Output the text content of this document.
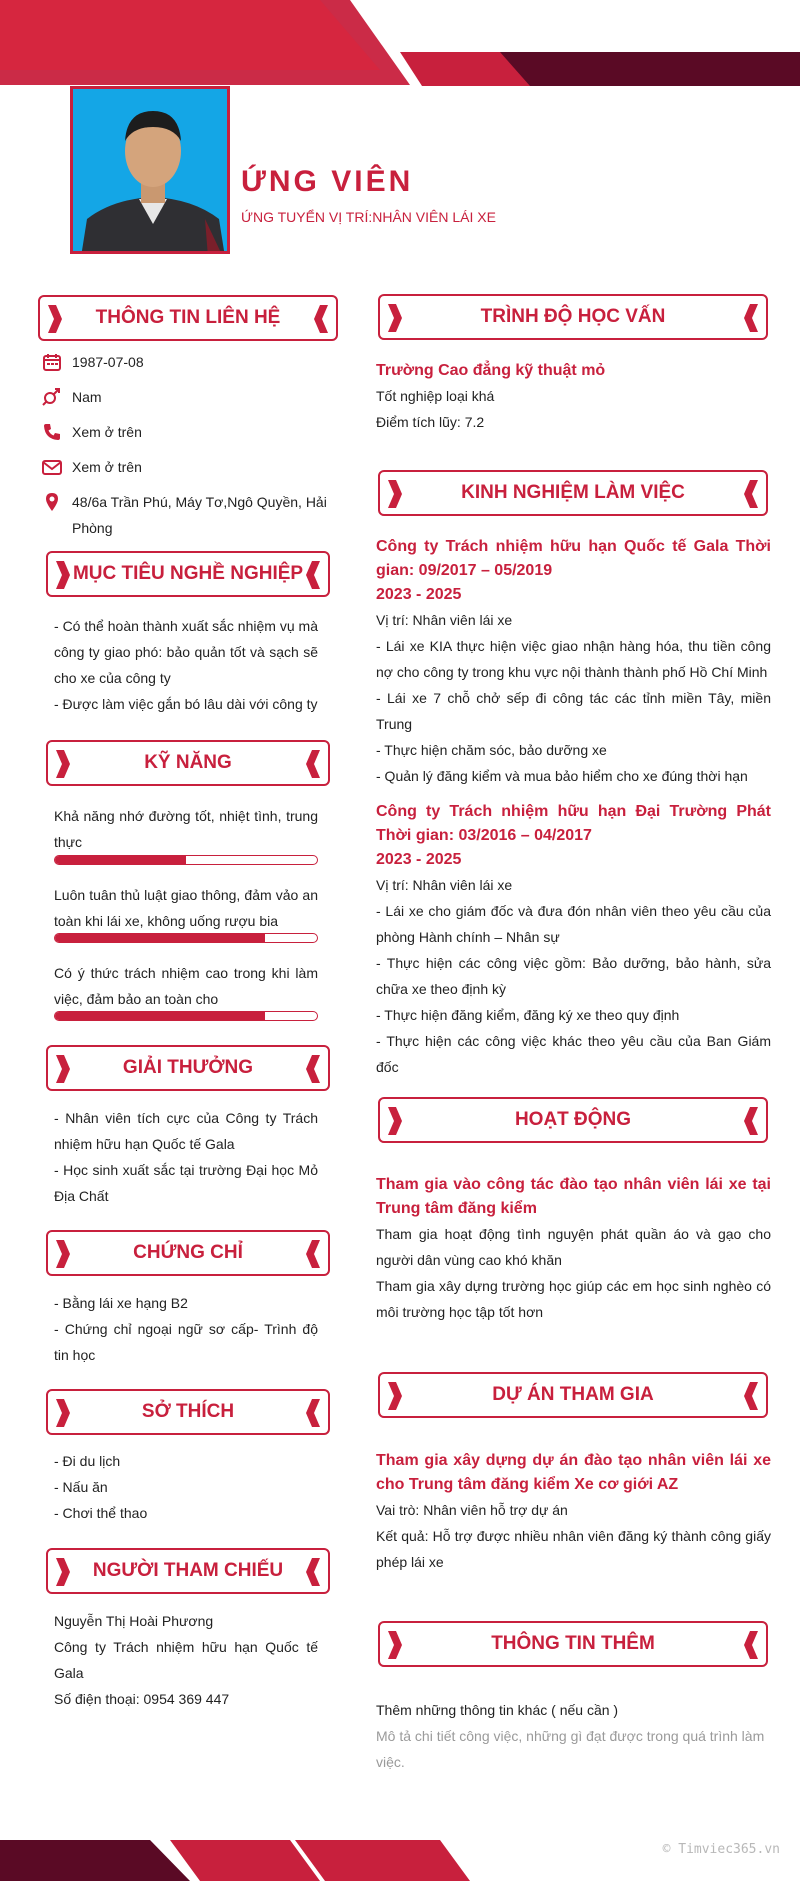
ỨNG VIÊN
ỨNG TUYỂN VỊ TRÍ:NHÂN VIÊN LÁI XE
THÔNG TIN LIÊN HỆ
1987-07-08
Nam
Xem ở trên
Xem ở trên
48/6a Trần Phú, Máy Tơ,Ngô Quyền, Hải Phòng
MỤC TIÊU NGHỀ NGHIỆP
- Có thể hoàn thành xuất sắc nhiệm vụ mà công ty giao phó: bảo quản tốt và sạch sẽ cho xe của công ty
- Được làm việc gắn bó lâu dài với công ty
KỸ NĂNG
Khả năng nhớ đường tốt, nhiệt tình, trung thực
Luôn tuân thủ luật giao thông, đảm vảo an toàn khi lái xe, không uống rượu bia
Có ý thức trách nhiệm cao trong khi làm việc, đảm bảo an toàn cho
GIẢI THƯỞNG
- Nhân viên tích cực của Công ty Trách nhiệm hữu hạn Quốc tế Gala
- Học sinh xuất sắc tại trường Đại học Mỏ Địa Chất
CHỨNG CHỈ
- Bằng lái xe hạng B2
- Chứng chỉ ngoại ngữ sơ cấp- Trình độ tin học
SỞ THÍCH
- Đi du lịch
- Nấu ăn
- Chơi thể thao
NGƯỜI THAM CHIẾU
Nguyễn Thị Hoài Phương
Công ty Trách nhiệm hữu hạn Quốc tế Gala
Số điện thoại: 0954 369 447
TRÌNH ĐỘ HỌC VẤN
Trường Cao đẳng kỹ thuật mỏ
Tốt nghiệp loại khá
Điểm tích lũy: 7.2
KINH NGHIỆM LÀM VIỆC
Công ty Trách nhiệm hữu hạn Quốc tế Gala Thời gian: 09/2017 – 05/2019
2023 - 2025
Vị trí: Nhân viên lái xe
- Lái xe KIA thực hiện việc giao nhận hàng hóa, thu tiền công nợ cho công ty trong khu vực nội thành thành phố Hồ Chí Minh
- Lái xe 7 chỗ chở sếp đi công tác các tỉnh miền Tây, miền Trung
- Thực hiện chăm sóc, bảo dưỡng xe
- Quản lý đăng kiểm và mua bảo hiểm cho xe đúng thời hạn
Công ty Trách nhiệm hữu hạn Đại Trường Phát Thời gian: 03/2016 – 04/2017
2023 - 2025
Vị trí: Nhân viên lái xe
- Lái xe cho giám đốc và đưa đón nhân viên theo yêu cầu của phòng Hành chính – Nhân sự
- Thực hiện các công việc gồm: Bảo dưỡng, bảo hành, sửa chữa xe theo định kỳ
- Thực hiện đăng kiểm, đăng ký xe theo quy định
- Thực hiện các công việc khác theo yêu cầu của Ban Giám đốc
HOẠT ĐỘNG
Tham gia vào công tác đào tạo nhân viên lái xe tại Trung tâm đăng kiểm
Tham gia hoạt động tình nguyện phát quần áo và gạo cho người dân vùng cao khó khăn
Tham gia xây dựng trường học giúp các em học sinh nghèo có môi trường học tập tốt hơn
DỰ ÁN THAM GIA
Tham gia xây dựng dự án đào tạo nhân viên lái xe cho Trung tâm đăng kiểm Xe cơ giới AZ
Vai trò: Nhân viên hỗ trợ dự án
Kết quả: Hỗ trợ được nhiều nhân viên đăng ký thành công giấy phép lái xe
THÔNG TIN THÊM
Thêm những thông tin khác ( nếu cần )
Mô tả chi tiết công việc, những gì đạt được trong quá trình làm việc.
© Timviec365.vn
